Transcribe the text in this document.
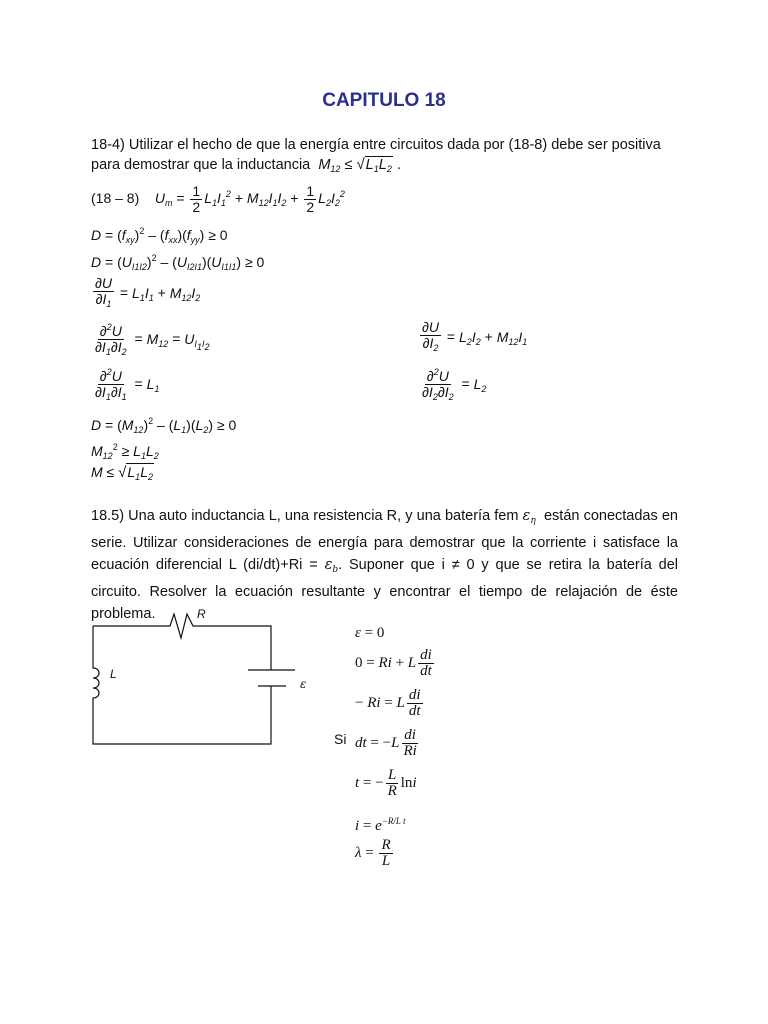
CAPITULO 18
18-4) Utilizar el hecho de que la energía entre circuitos dada por (18-8) debe ser positiva para demostrar que la inductancia $M_{12} \le √L_1L_2$ .
(18 – 8) $U_m = \frac{1}{2} L_1I_1^2 + M_{12}I_1I_2 + \frac{1}{2} L_2I_2^2$
$D = (f_{xy})^2 - (f_{xx})(f_{yy}) \ge 0$
$D = (U_{I1I2})^2 - (U_{I2I1})(U_{I1I1}) \ge 0$
$\frac{\partial U}{\partial I_1} = L_1I_1 + M_{12}I_2$
$\frac{\partial^2U}{\partial I_1\partial I_2} = M_{12} = U_{I_1I_2}$	$\frac{\partial U}{\partial I_2} = L_2I_2 + M_{12}I_1$
$\frac{\partial^2U}{\partial I_1\partial I_1} = L_1$	$\frac{\partial^2U}{\partial I_2\partial I_2} = L_2$
$D = (M_{12})^2 - (L_1)(L_2) \ge 0$
$M_{12}^2 \ge L_1L_2$
$M \le √L_1L_2$
18.5) Una auto inductancia L, una resistencia R, y una batería fem $\varepsilon_\eta$ están conectadas en serie. Utilizar consideraciones de energía para demostrar que la corriente i satisface la ecuación diferencial L $(di/dt)+Ri = \varepsilon_b$. Suponer que i ≠ 0 y que se retira la batería del circuito. Resolver la ecuación resultante y encontrar el tiempo de relajación de éste problema.	R
L
ε
ε = 0
0 = Ri + L $\frac{di}{dt}$
− Ri = L $\frac{di}{dt}$
Si dt = $-L \frac{di}{Ri}$
t = − $\frac{L}{R}$ lni
$i = e^{-R/L t}$
$\lambda = \frac{R}{L}$
